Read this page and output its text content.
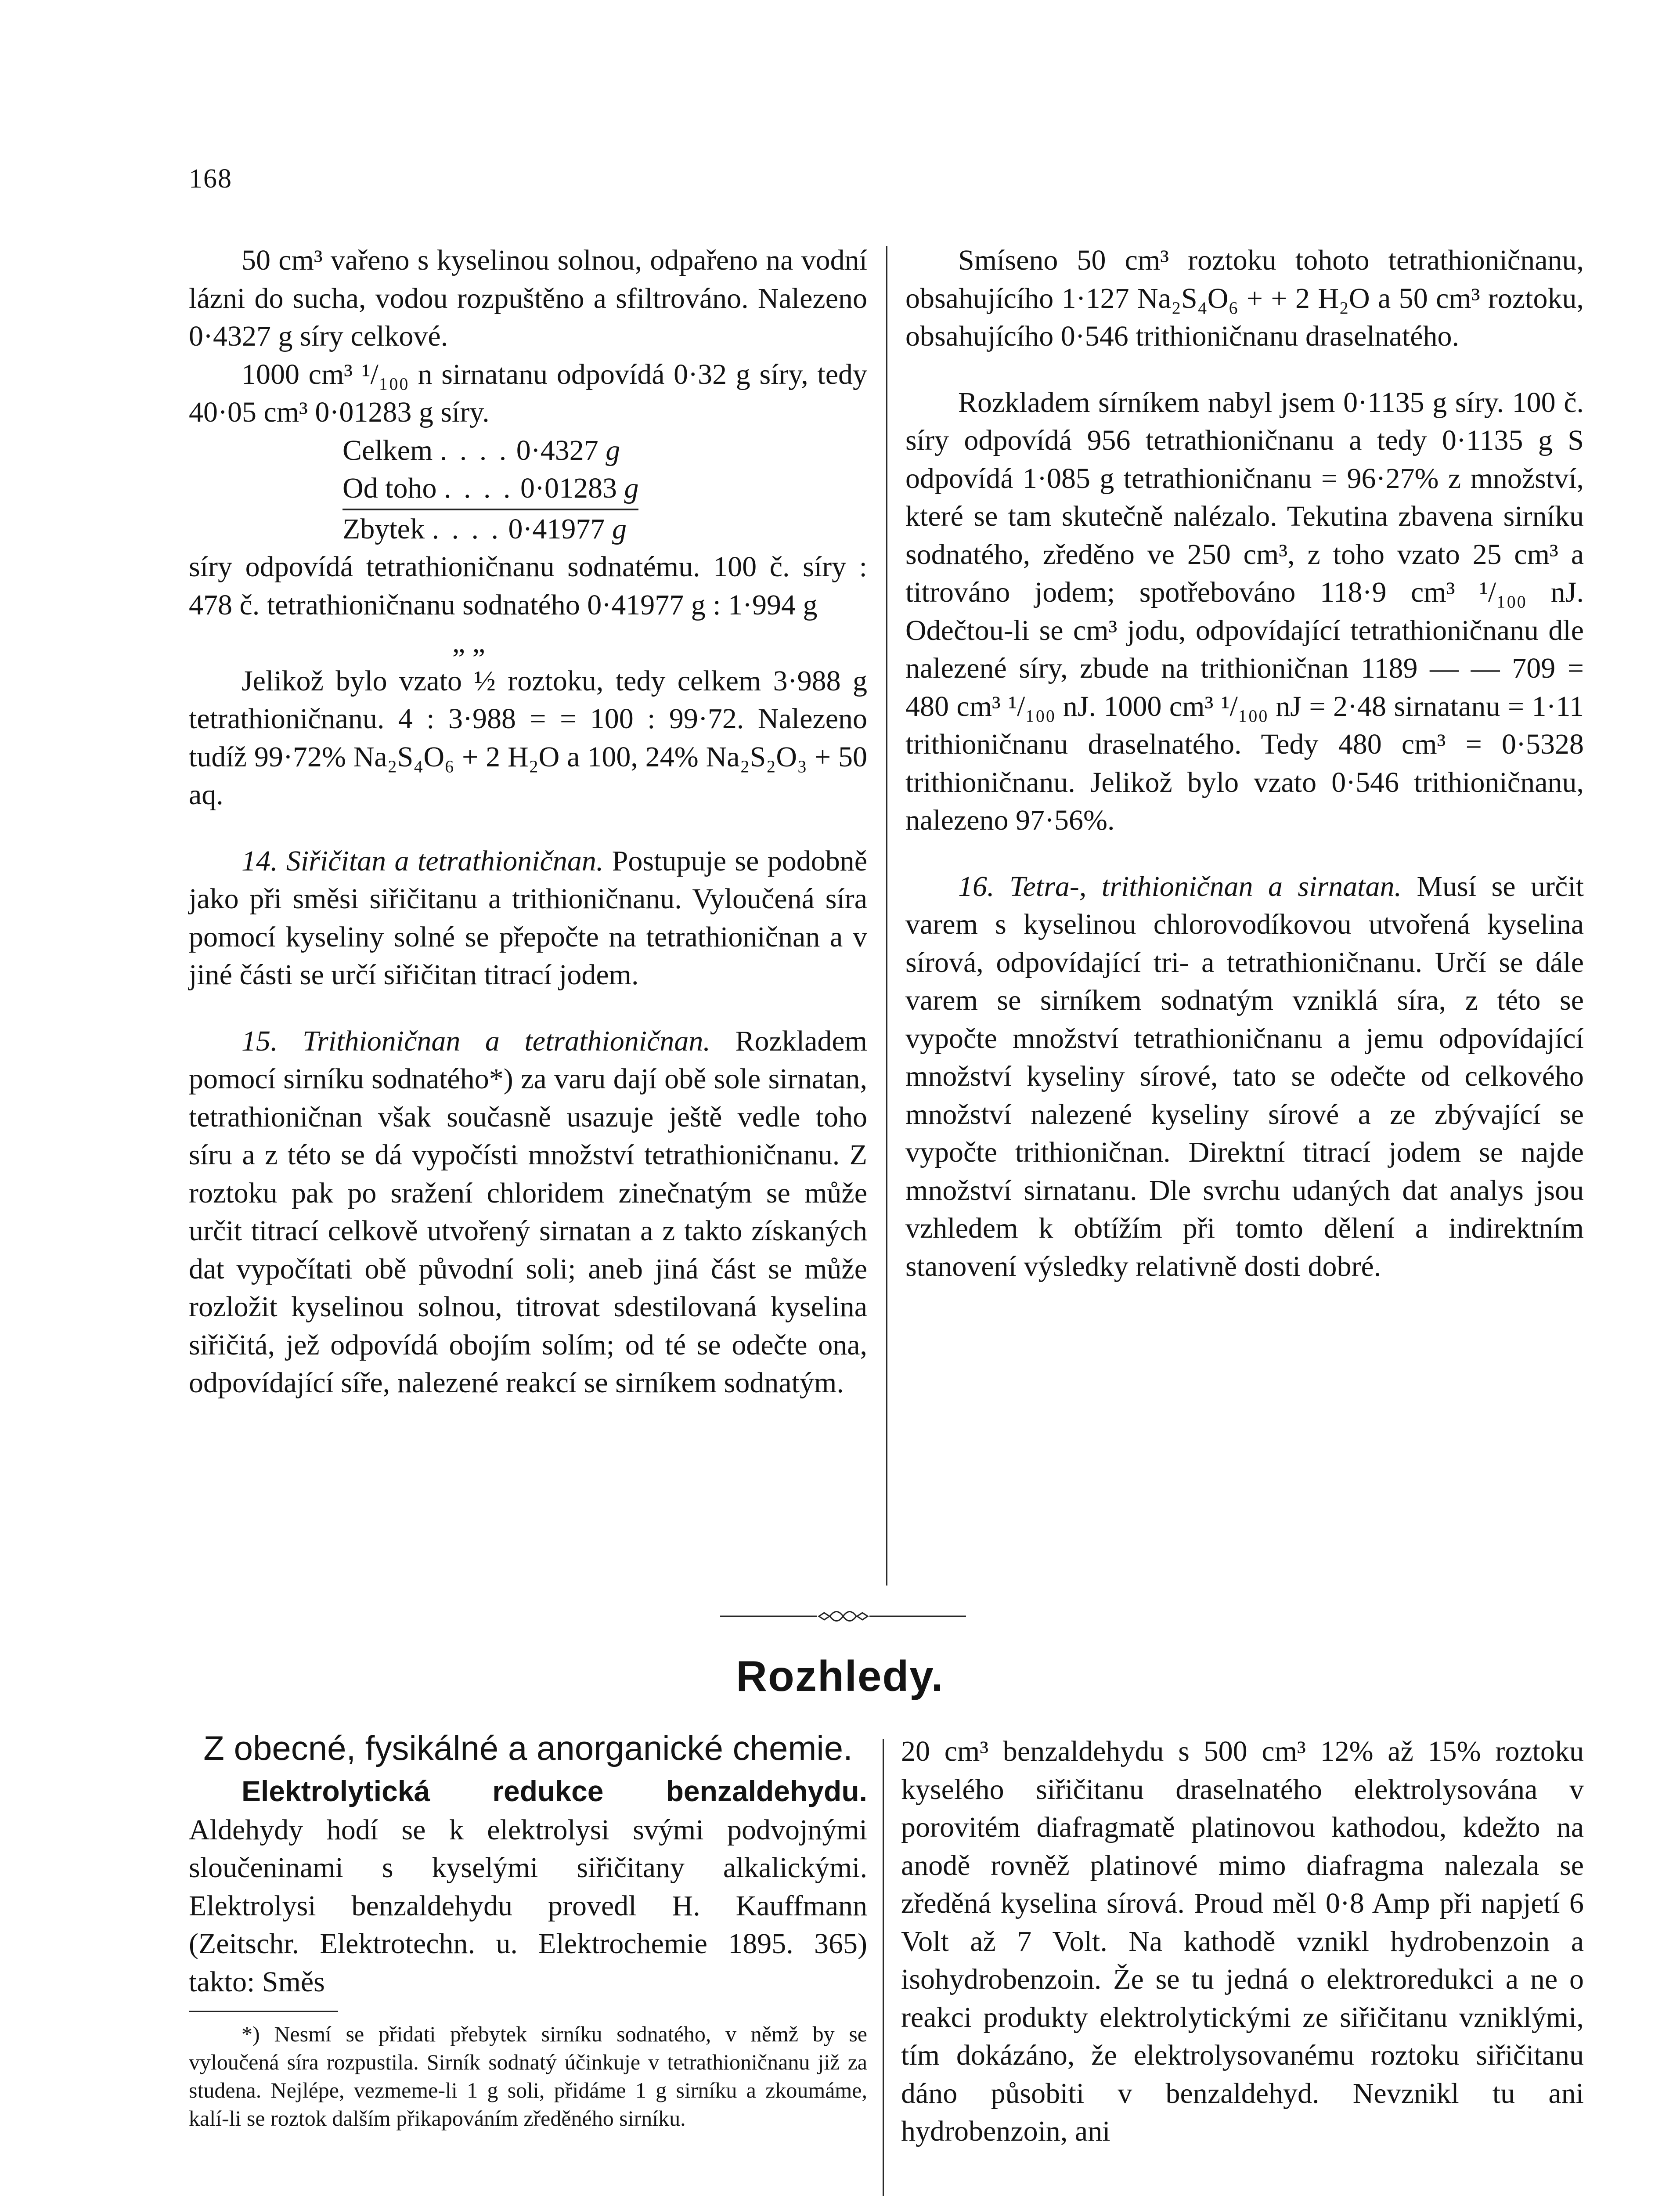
168

50 cm³ vařeno s kyselinou solnou, odpařeno na vodní lázni do sucha, vodou rozpuštěno a sfiltrováno. Nalezeno 0·4327 g síry celkové.

1000 cm³ ¹/₁₀₀ n sirnatanu odpovídá 0·32 g síry, tedy 40·05 cm³ 0·01283 g síry.

Celkem . . . . 0·4327 g
Od toho . . . . 0·01283 g
Zbytek . . . . 0·41977 g

síry odpovídá tetrathioničnanu sodnatému. 100 č. síry : 478 č. tetrathioničnanu sodnatého 0·41977 g : 1·994 g

„ „

Jelikož bylo vzato ½ roztoku, tedy celkem 3·988 g tetrathioničnanu. 4 : 3·988 = = 100 : 99·72. Nalezeno tudíž 99·72% Na₂S₄O₆ + 2 H₂O a 100, 24% Na₂S₂O₃ + 50 aq.

14. Siřičitan a tetrathioničnan. Postupuje se podobně jako při směsi siřičitanu a trithioničnanu. Vyloučená síra pomocí kyseliny solné se přepočte na tetrathioničnan a v jiné části se určí siřičitan titrací jodem.

15. Trithioničnan a tetrathioničnan. Rozkladem pomocí sirníku sodnatého*) za varu dají obě sole sirnatan, tetrathioničnan však současně usazuje ještě vedle toho síru a z této se dá vypočísti množství tetrathioničnanu. Z roztoku pak po sražení chloridem zinečnatým se může určit titrací celkově utvořený sirnatan a z takto získaných dat vypočítati obě původní soli; aneb jiná část se může rozložit kyselinou solnou, titrovat sdestilovaná kyselina siřičitá, jež odpovídá obojím solím; od té se odečte ona, odpovídající síře, nalezené reakcí se sirníkem sodnatým.

Smíseno 50 cm³ roztoku tohoto tetrathioničnanu, obsahujícího 1·127 Na₂S₄O₆ + + 2 H₂O a 50 cm³ roztoku, obsahujícího 0·546 trithioničnanu draselnatého.

Rozkladem sírníkem nabyl jsem 0·1135 g síry. 100 č. síry odpovídá 956 tetrathioničnanu a tedy 0·1135 g S odpovídá 1·085 g tetrathioničnanu = 96·27% z množství, které se tam skutečně nalézalo. Tekutina zbavena sirníku sodnatého, zředěno ve 250 cm³, z toho vzato 25 cm³ a titrováno jodem; spotřebováno 118·9 cm³ ¹/₁₀₀ nJ. Odečtou-li se cm³ jodu, odpovídající tetrathioničnanu dle nalezené síry, zbude na trithioničnan 1189 — — 709 = 480 cm³ ¹/₁₀₀ nJ. 1000 cm³ ¹/₁₀₀ nJ = 2·48 sirnatanu = 1·11 trithioničnanu draselnatého. Tedy 480 cm³ = 0·5328 trithioničnanu. Jelikož bylo vzato 0·546 trithioničnanu, nalezeno 97·56%.

16. Tetra-, trithioničnan a sirnatan. Musí se určit varem s kyselinou chlorovodíkovou utvořená kyselina sírová, odpovídající tri- a tetrathioničnanu. Určí se dále varem se sirníkem sodnatým vzniklá síra, z této se vypočte množství tetrathioničnanu a jemu odpovídající množství kyseliny sírové, tato se odečte od celkového množství nalezené kyseliny sírové a ze zbývající se vypočte trithioničnan. Direktní titrací jodem se najde množství sirnatanu. Dle svrchu udaných dat analys jsou vzhledem k obtížím při tomto dělení a indirektním stanovení výsledky relativně dosti dobré.

Rozhledy.
Z obecné, fysikálné a anorganické chemie.

Elektrolytická redukce benzaldehydu. Aldehydy hodí se k elektrolysi svými podvojnými sloučeninami s kyselými siřičitany alkalickými. Elektrolysi benzaldehydu provedl H. Kauffmann (Zeitschr. Elektrotechn. u. Elektrochemie 1895. 365) takto: Směs

*) Nesmí se přidati přebytek sirníku sodnatého, v němž by se vyloučená síra rozpustila. Sirník sodnatý účinkuje v tetrathioničnanu již za studena. Nejlépe, vezmeme-li 1 g soli, přidáme 1 g sirníku a zkoumáme, kalí-li se roztok dalším přikapováním zředěného sirníku.

20 cm³ benzaldehydu s 500 cm³ 12% až 15% roztoku kyselého siřičitanu draselnatého elektrolysována v porovitém diafragmatě platinovou kathodou, kdežto na anodě rovněž platinové mimo diafragma nalezala se zředěná kyselina sírová. Proud měl 0·8 Amp při napjetí 6 Volt až 7 Volt. Na kathodě vznikl hydrobenzoin a isohydrobenzoin. Že se tu jedná o elektroredukci a ne o reakci produkty elektrolytickými ze siřičitanu vzniklými, tím dokázáno, že elektrolysovanému roztoku siřičitanu dáno působiti v benzaldehyd. Nevznikl tu ani hydrobenzoin, ani
